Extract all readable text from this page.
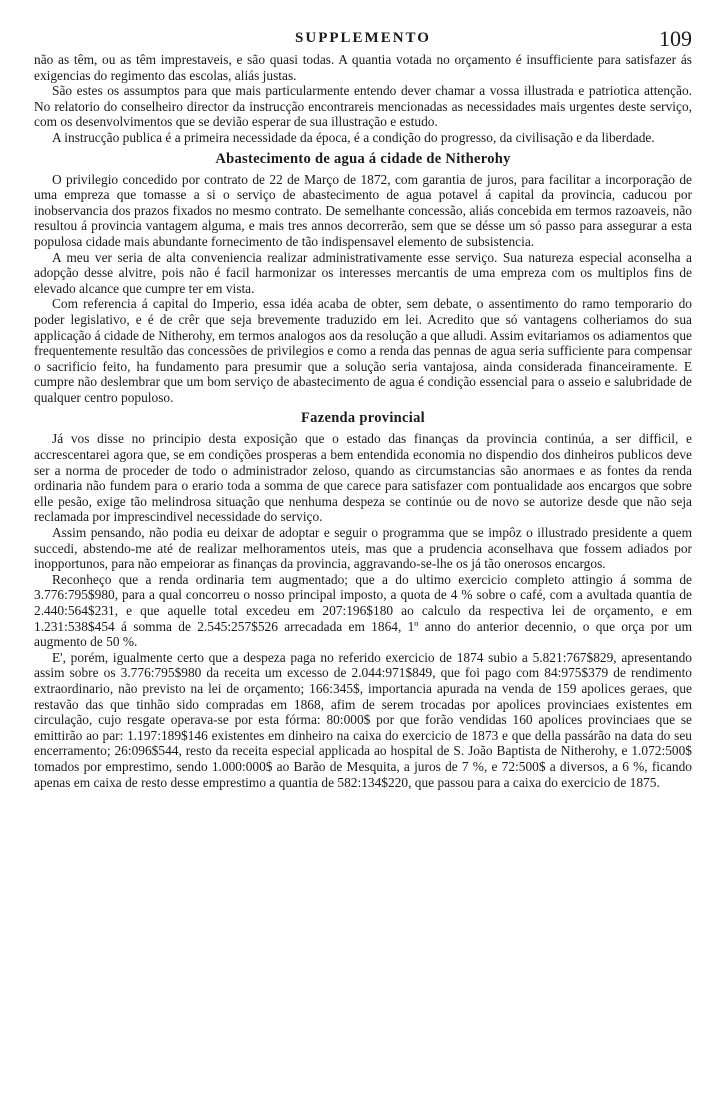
SUPPLEMENTO	109

não as têm, ou as têm imprestaveis, e são quasi todas. A quantia votada no orçamento é insufficiente para satisfazer ás exigencias do regimento das escolas, aliás justas.

São estes os assumptos para que mais particularmente entendo dever chamar a vossa illustrada e patriotica attenção. No relatorio do conselheiro director da instrucção encontrareis mencionadas as necessidades mais urgentes deste serviço, com os desenvolvimentos que se devião esperar de sua illustração e estudo.

A instrucção publica é a primeira necessidade da época, é a condição do progresso, da civilisação e da liberdade.

Abastecimento de agua á cidade de Nitherohy

O privilegio concedido por contrato de 22 de Março de 1872, com garantia de juros, para facilitar a incorporação de uma empreza que tomasse a si o serviço de abastecimento de agua potavel á capital da provincia, caducou por inobservancia dos prazos fixados no mesmo contrato. De semelhante concessão, aliás concebida em termos razoaveis, não resultou á provincia vantagem alguma, e mais tres annos decorrerão, sem que se désse um só passo para assegurar a esta populosa cidade mais abundante fornecimento de tão indispensavel elemento de subsistencia.

A meu ver seria de alta conveniencia realizar administrativamente esse serviço. Sua natureza especial aconselha a adopção desse alvitre, pois não é facil harmonizar os interesses mercantis de uma empreza com os multiplos fins de elevado alcance que cumpre ter em vista.

Com referencia á capital do Imperio, essa idéa acaba de obter, sem debate, o assentimento do ramo temporario do poder legislativo, e é de crêr que seja brevemente traduzido em lei. Acredito que só vantagens colheriamos do sua applicação á cidade de Nitherohy, em termos analogos aos da resolução a que alludi. Assim evitariamos os adiamentos que frequentemente resultão das concessões de privilegios e como a renda das pennas de agua seria sufficiente para compensar o sacrificio feito, ha fundamento para presumir que a solução seria vantajosa, ainda considerada financeiramente. E cumpre não deslembrar que um bom serviço de abastecimento de agua é condição essencial para o asseio e salubridade de qualquer centro populoso.

Fazenda provincial

Já vos disse no principio desta exposição que o estado das finanças da provincia continúa, a ser difficil, e accrescentarei agora que, se em condições prosperas a bem entendida economia no dispendio dos dinheiros publicos deve ser a norma de proceder de todo o administrador zeloso, quando as circumstancias são anormaes e as fontes da renda ordinaria não fundem para o erario toda a somma de que carece para satisfazer com pontualidade aos encargos que sobre elle pesão, exige tão melindrosa situação que nenhuma despeza se continúe ou de novo se autorize desde que não seja reclamada por imprescindivel necessidade do serviço.

Assim pensando, não podia eu deixar de adoptar e seguir o programma que se impôz o illustrado presidente a quem succedi, abstendo-me até de realizar melhoramentos uteis, mas que a prudencia aconselhava que fossem adiados por inopportunos, para não empeiorar as finanças da provincia, aggravando-se-lhe os já tão onerosos encargos.

Reconheço que a renda ordinaria tem augmentado; que a do ultimo exercicio completo attingio á somma de 3.776:795$980, para a qual concorreu o nosso principal imposto, a quota de 4 % sobre o café, com a avultada quantia de 2.440:564$231, e que aquelle total excedeu em 207:196$180 ao calculo da respectiva lei de orçamento, e em 1.231:538$454 á somma de 2.545:257$526 arrecadada em 1864, 1º anno do anterior decennio, o que orça por um augmento de 50 %.

E', porém, igualmente certo que a despeza paga no referido exercicio de 1874 subio a 5.821:767$829, apresentando assim sobre os 3.776:795$980 da receita um excesso de 2.044:971$849, que foi pago com 84:975$379 de rendimento extraordinario, não previsto na lei de orçamento; 166:345$, importancia apurada na venda de 159 apolices geraes, que restavão das que tinhão sido compradas em 1868, afim de serem trocadas por apolices provinciaes existentes em circulação, cujo resgate operava-se por esta fórma: 80:000$ por que forão vendidas 160 apolices provinciaes que se emittirão ao par: 1.197:189$146 existentes em dinheiro na caixa do exercicio de 1873 e que della passárão na data do seu encerramento; 26:096$544, resto da receita especial applicada ao hospital de S. João Baptista de Nitherohy, e 1.072:500$ tomados por emprestimo, sendo 1.000:000$ ao Barão de Mesquita, a juros de 7 %, e 72:500$ a diversos, a 6 %, ficando apenas em caixa de resto desse emprestimo a quantia de 582:134$220, que passou para a caixa do exercicio de 1875.
